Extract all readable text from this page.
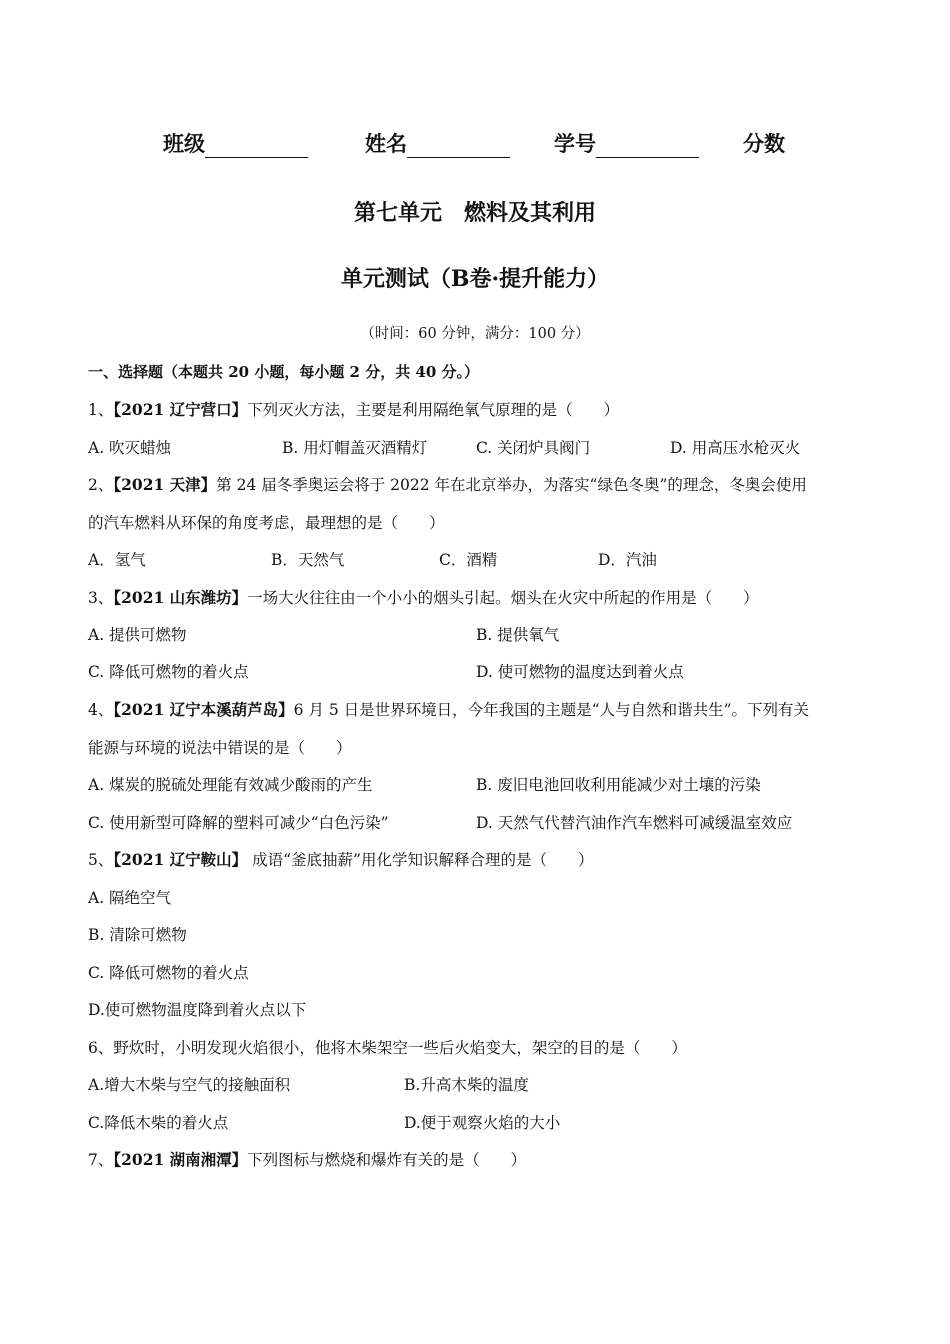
班级	姓名	学号	分数
第七单元　燃料及其利用
单元测试（B卷·提升能力）
（时间：60 分钟，满分：100 分）
一、选择题（本题共 20 小题，每小题 2 分，共 40 分。）
1、【2021 辽宁营口】下列灭火方法，主要是利用隔绝氧气原理的是（　　）
A. 吹灭蜡烛	B. 用灯帽盖灭酒精灯	C. 关闭炉具阀门	D. 用高压水枪灭火
2、【2021 天津】第 24 届冬季奥运会将于 2022 年在北京举办，为落实“绿色冬奥”的理念，冬奥会使用
的汽车燃料从环保的角度考虑，最理想的是（　　）
A．氢气	B．天然气	C．酒精	D．汽油
3、【2021 山东潍坊】一场大火往往由一个小小的烟头引起。烟头在火灾中所起的作用是（　　）
A. 提供可燃物	B. 提供氧气
C. 降低可燃物的着火点	D. 使可燃物的温度达到着火点
4、【2021 辽宁本溪葫芦岛】6 月 5 日是世界环境日，今年我国的主题是“人与自然和谐共生”。下列有关
能源与环境的说法中错误的是（　　）
A. 煤炭的脱硫处理能有效减少酸雨的产生	B. 废旧电池回收利用能减少对土壤的污染
C. 使用新型可降解的塑料可减少“白色污染”	D. 天然气代替汽油作汽车燃料可减缓温室效应
5、【2021 辽宁鞍山】 成语“釜底抽薪”用化学知识解释合理的是（　　）
A. 隔绝空气
B. 清除可燃物
C. 降低可燃物的着火点
D.使可燃物温度降到着火点以下
6、野炊时，小明发现火焰很小，他将木柴架空一些后火焰变大，架空的目的是（　　）
A.增大木柴与空气的接触面积	B.升高木柴的温度
C.降低木柴的着火点	D.便于观察火焰的大小
7、【2021 湖南湘潭】下列图标与燃烧和爆炸有关的是（　　）
